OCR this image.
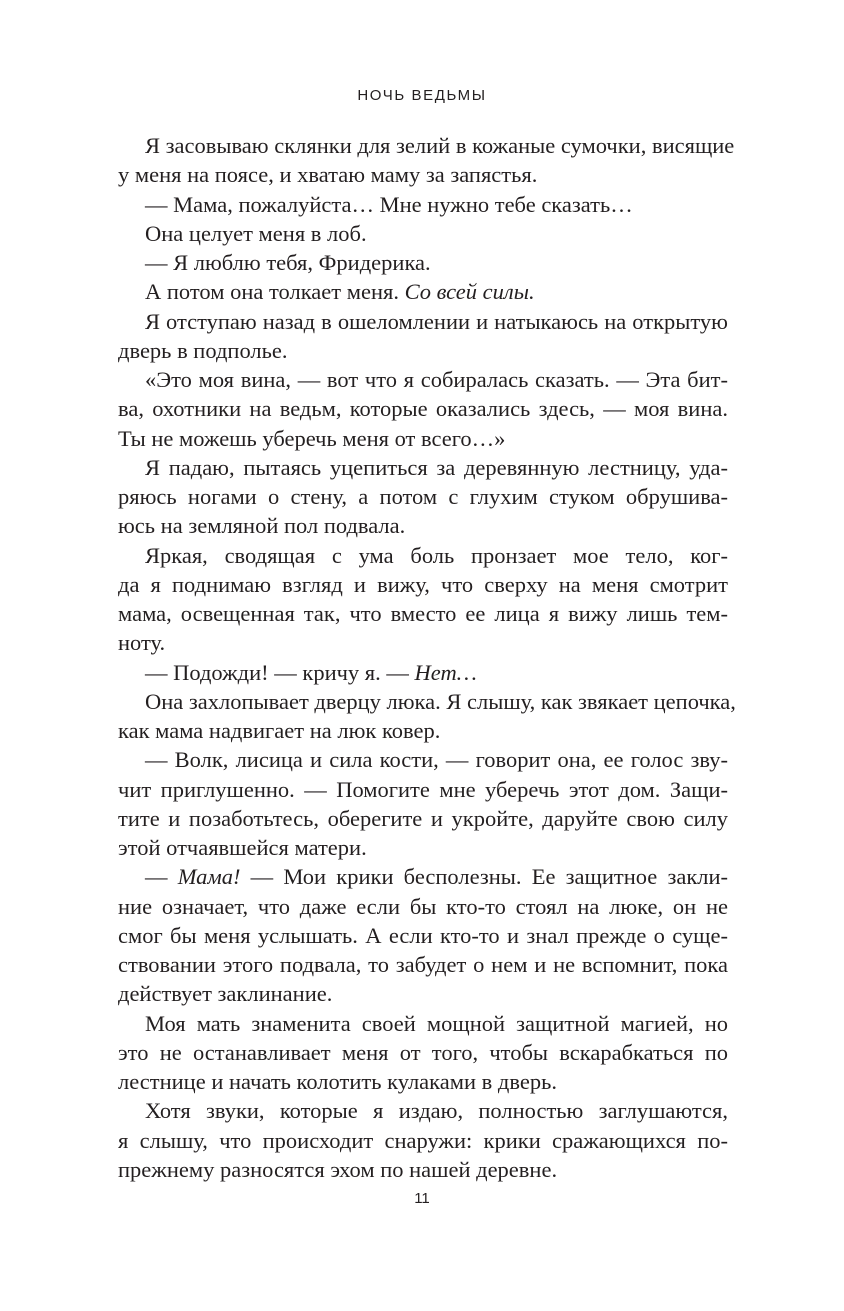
НОЧЬ ВЕДЬМЫ
Я засовываю склянки для зелий в кожаные сумочки, висящие
у меня на поясе, и хватаю маму за запястья.
— Мама, пожалуйста… Мне нужно тебе сказать…
Она целует меня в лоб.
— Я люблю тебя, Фридерика.
А потом она толкает меня. Со всей силы.
Я отступаю назад в ошеломлении и натыкаюсь на открытую
дверь в подполье.
«Это моя вина, — вот что я собиралась сказать. — Эта бит-
ва, охотники на ведьм, которые оказались здесь, — моя вина.
Ты не можешь уберечь меня от всего…»
Я падаю, пытаясь уцепиться за деревянную лестницу, уда-
ряюсь ногами о стену, а потом с глухим стуком обрушива-
юсь на земляной пол подвала.
Яркая, сводящая с ума боль пронзает мое тело, ког-
да я поднимаю взгляд и вижу, что сверху на меня смотрит
мама, освещенная так, что вместо ее лица я вижу лишь тем-
ноту.
— Подожди! — кричу я. — Нет…
Она захлопывает дверцу люка. Я слышу, как звякает цепочка,
как мама надвигает на люк ковер.
— Волк, лисица и сила кости, — говорит она, ее голос зву-
чит приглушенно. — Помогите мне уберечь этот дом. Защи-
тите и позаботьтесь, оберегите и укройте, даруйте свою силу
этой отчаявшейся матери.
— Мама! — Мои крики бесполезны. Ее защитное закли-
ние означает, что даже если бы кто-то стоял на люке, он не
смог бы меня услышать. А если кто-то и знал прежде о суще-
ствовании этого подвала, то забудет о нем и не вспомнит, пока
действует заклинание.
Моя мать знаменита своей мощной защитной магией, но
это не останавливает меня от того, чтобы вскарабкаться по
лестнице и начать колотить кулаками в дверь.
Хотя звуки, которые я издаю, полностью заглушаются,
я слышу, что происходит снаружи: крики сражающихся по-
прежнему разносятся эхом по нашей деревне.
11
